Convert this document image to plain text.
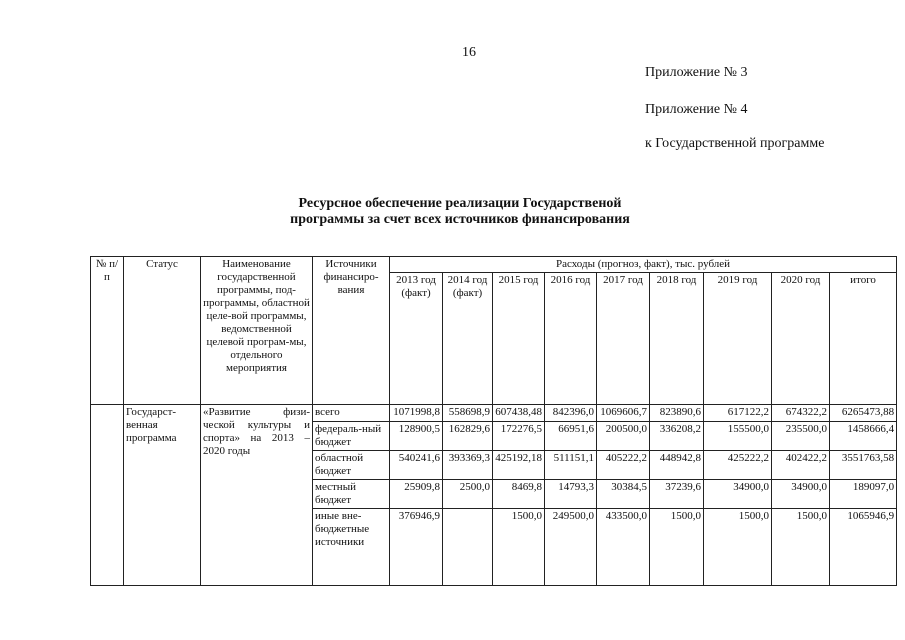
16
Приложение № 3
Приложение № 4
к Государственной программе
Ресурсное обеспечение реализации Государственой
программы за счет всех источников финансирования
№ п/п	Статус	Наименование государственной программы, под-программы, областной целе-вой программы, ведомственной целевой програм-мы, отдельного мероприятия	Источники финансиро-вания	Расходы (прогноз, факт), тыс. рублей								
				2013 год (факт)	2014 год (факт)	2015 год	2016 год	2017 год	2018 год	2019 год	2020 год	итого
	Государст-венная программа	«Развитие физи-ческой культуры и спорта» на 2013 – 2020 годы	всего	1071998,8	558698,9	607438,48	842396,0	1069606,7	823890,6	617122,2	674322,2	6265473,88
			федераль-ный бюджет	128900,5	162829,6	172276,5	66951,6	200500,0	336208,2	155500,0	235500,0	1458666,4
			областной бюджет	540241,6	393369,3	425192,18	511151,1	405222,2	448942,8	425222,2	402422,2	3551763,58
			местный бюджет	25909,8	2500,0	8469,8	14793,3	30384,5	37239,6	34900,0	34900,0	189097,0
			иные вне-бюджетные источники	376946,9		1500,0	249500,0	433500,0	1500,0	1500,0	1500,0	1065946,9
